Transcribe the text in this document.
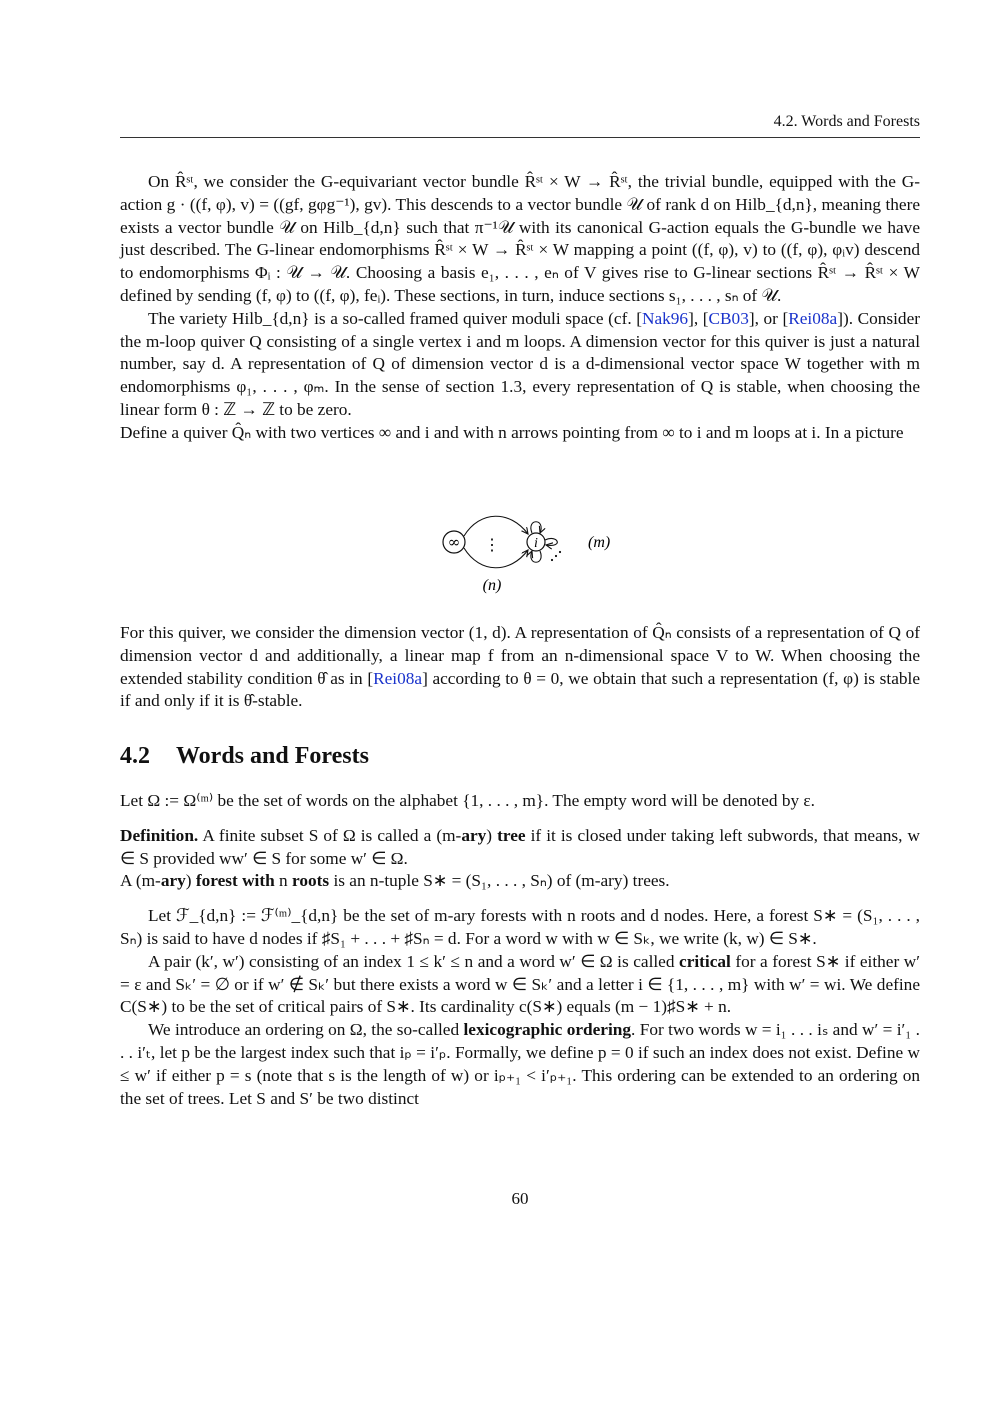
4.2. Words and Forests

On R̂ˢᵗ, we consider the G-equivariant vector bundle R̂ˢᵗ × W → R̂ˢᵗ, the trivial bundle, equipped with the G-action g · ((f, φ), v) = ((gf, gφg⁻¹), gv). This descends to a vector bundle 𝒰 of rank d on Hilb_{d,n}, meaning there exists a vector bundle 𝒰 on Hilb_{d,n} such that π⁻¹𝒰 with its canonical G-action equals the G-bundle we have just described. The G-linear endomorphisms R̂ˢᵗ × W → R̂ˢᵗ × W mapping a point ((f, φ), v) to ((f, φ), φᵢv) descend to endomorphisms Φᵢ : 𝒰 → 𝒰. Choosing a basis e₁, . . . , eₙ of V gives rise to G-linear sections R̂ˢᵗ → R̂ˢᵗ × W defined by sending (f, φ) to ((f, φ), feᵢ). These sections, in turn, induce sections s₁, . . . , sₙ of 𝒰.

The variety Hilb_{d,n} is a so-called framed quiver moduli space (cf. [Nak96], [CB03], or [Rei08a]). Consider the m-loop quiver Q consisting of a single vertex i and m loops. A dimension vector for this quiver is just a natural number, say d. A representation of Q of dimension vector d is a d-dimensional vector space W together with m endomorphisms φ₁, . . . , φₘ. In the sense of section 1.3, every representation of Q is stable, when choosing the linear form θ : ℤ → ℤ to be zero.

Define a quiver Q̂ₙ with two vertices ∞ and i and with n arrows pointing from ∞ to i and m loops at i. In a picture

∞	i
⋮	(m)
(n)

For this quiver, we consider the dimension vector (1, d). A representation of Q̂ₙ consists of a representation of Q of dimension vector d and additionally, a linear map f from an n-dimensional space V to W. When choosing the extended stability condition θ̂ as in [Rei08a] according to θ = 0, we obtain that such a representation (f, φ) is stable if and only if it is θ̂-stable.

4.2 Words and Forests

Let Ω := Ω⁽ᵐ⁾ be the set of words on the alphabet {1, . . . , m}. The empty word will be denoted by ε.

Definition. A finite subset S of Ω is called a (m-ary) tree if it is closed under taking left subwords, that means, w ∈ S provided ww′ ∈ S for some w′ ∈ Ω.

A (m-ary) forest with n roots is an n-tuple S∗ = (S₁, . . . , Sₙ) of (m-ary) trees.

Let ℱ_{d,n} := ℱ⁽ᵐ⁾_{d,n} be the set of m-ary forests with n roots and d nodes. Here, a forest S∗ = (S₁, . . . , Sₙ) is said to have d nodes if ♯S₁ + . . . + ♯Sₙ = d. For a word w with w ∈ Sₖ, we write (k, w) ∈ S∗.

A pair (k′, w′) consisting of an index 1 ≤ k′ ≤ n and a word w′ ∈ Ω is called critical for a forest S∗ if either w′ = ε and Sₖ′ = ∅ or if w′ ∉ Sₖ′ but there exists a word w ∈ Sₖ′ and a letter i ∈ {1, . . . , m} with w′ = wi. We define C(S∗) to be the set of critical pairs of S∗. Its cardinality c(S∗) equals (m − 1)♯S∗ + n.

We introduce an ordering on Ω, the so-called lexicographic ordering. For two words w = i₁ . . . iₛ and w′ = i′₁ . . . i′ₜ, let p be the largest index such that iₚ = i′ₚ. Formally, we define p = 0 if such an index does not exist. Define w ≤ w′ if either p = s (note that s is the length of w) or iₚ₊₁ < i′ₚ₊₁. This ordering can be extended to an ordering on the set of trees. Let S and S′ be two distinct

60
